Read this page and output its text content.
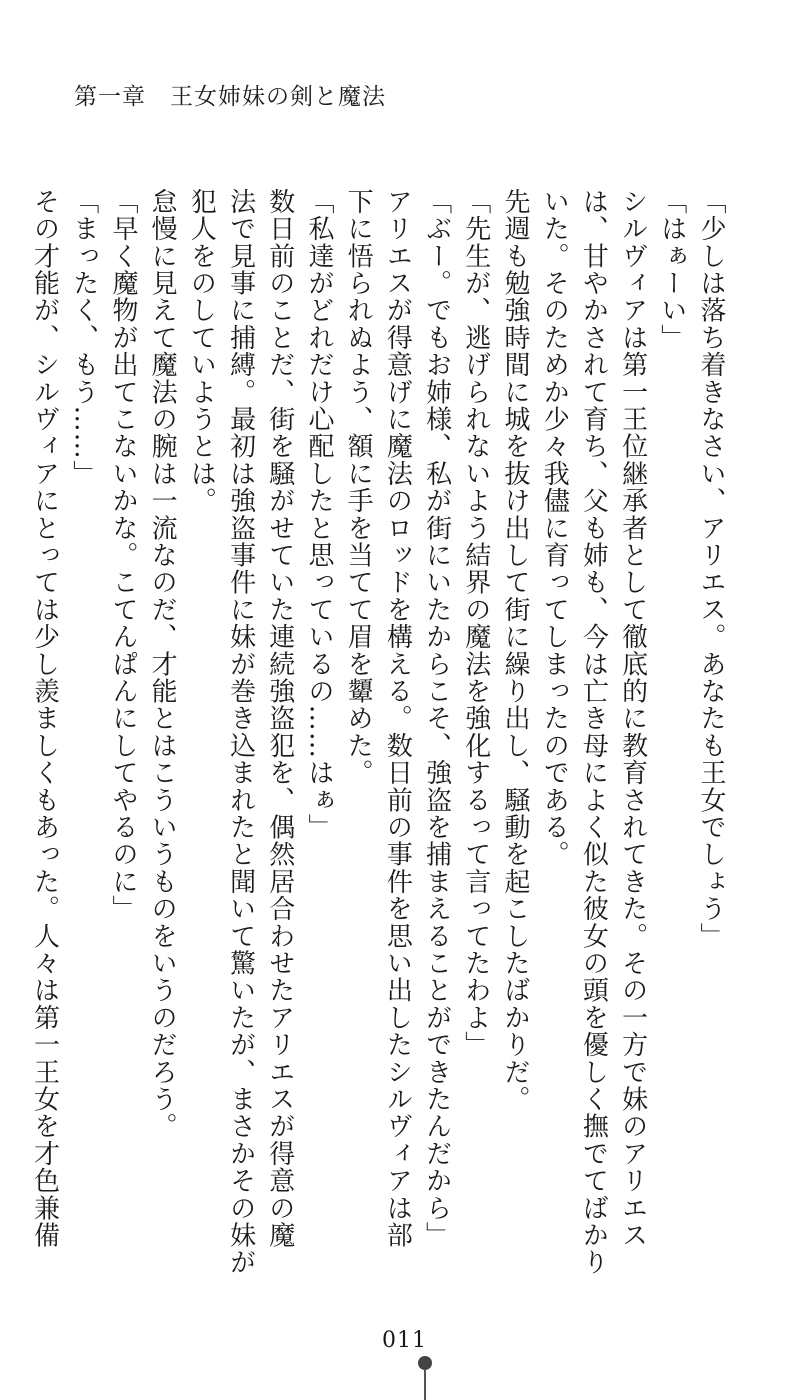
第一章　王女姉妹の剣と魔法
「少しは落ち着きなさい、アリエス。あなたも王女でしょう」
「はぁーい」
シルヴィアは第一王位継承者として徹底的に教育されてきた。その一方で妹のアリエス
は、甘やかされて育ち、父も姉も、今は亡き母によく似た彼女の頭を優しく撫でてばかり
いた。そのためか少々我儘に育ってしまったのである。
先週も勉強時間に城を抜け出して街に繰り出し、騒動を起こしたばかりだ。
「先生が、逃げられないよう結界の魔法を強化するって言ってたわよ」
「ぶー。でもお姉様、私が街にいたからこそ、強盗を捕まえることができたんだから」
アリエスが得意げに魔法のロッドを構える。数日前の事件を思い出したシルヴィアは部
下に悟られぬよう、額に手を当てて眉を顰めた。
「私達がどれだけ心配したと思っているの……はぁ」
数日前のことだ、街を騒がせていた連続強盗犯を、偶然居合わせたアリエスが得意の魔
法で見事に捕縛。最初は強盗事件に妹が巻き込まれたと聞いて驚いたが、まさかその妹が
犯人をのしていようとは。
怠慢に見えて魔法の腕は一流なのだ、才能とはこういうものをいうのだろう。
「早く魔物が出てこないかな。こてんぱんにしてやるのに」
「まったく、もう……」
その才能が、シルヴィアにとっては少し羨ましくもあった。人々は第一王女を才色兼備
011
